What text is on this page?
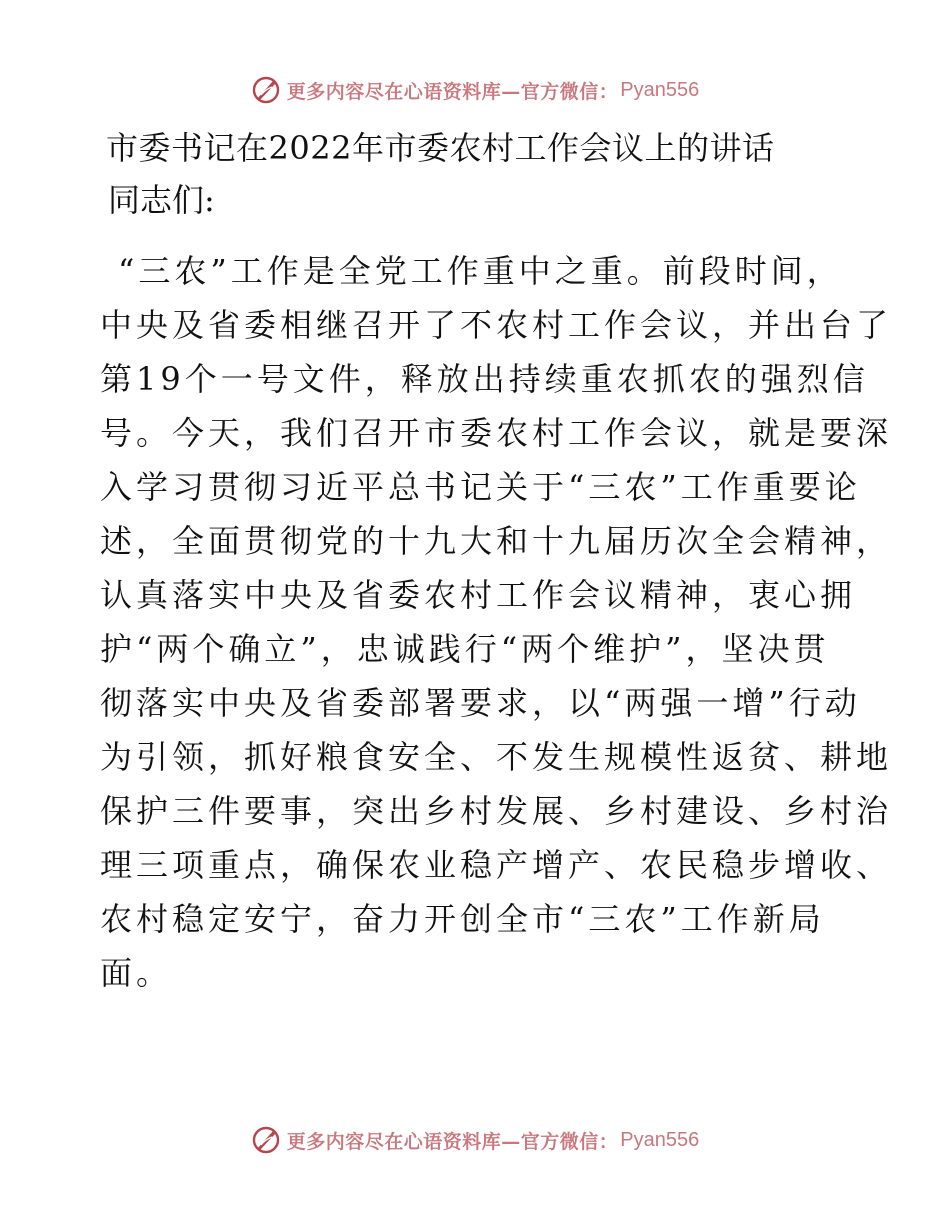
更多内容尽在心语资料库—官方微信： Pyan556
市委书记在2022年市委农村工作会议上的讲话
同志们:
“三农”工作是全党工作重中之重。前段时间，
中央及省委相继召开了不农村工作会议，并出台了
第19个一号文件，释放出持续重农抓农的强烈信
号。今天，我们召开市委农村工作会议，就是要深
入学习贯彻习近平总书记关于“三农”工作重要论
述，全面贯彻党的十九大和十九届历次全会精神，
认真落实中央及省委农村工作会议精神，衷心拥
护“两个确立”，忠诚践行“两个维护”，坚决贯
彻落实中央及省委部署要求，以“两强一增”行动
为引领，抓好粮食安全、不发生规模性返贫、耕地
保护三件要事，突出乡村发展、乡村建设、乡村治
理三项重点，确保农业稳产增产、农民稳步增收、
农村稳定安宁，奋力开创全市“三农”工作新局
面。
更多内容尽在心语资料库—官方微信： Pyan556
